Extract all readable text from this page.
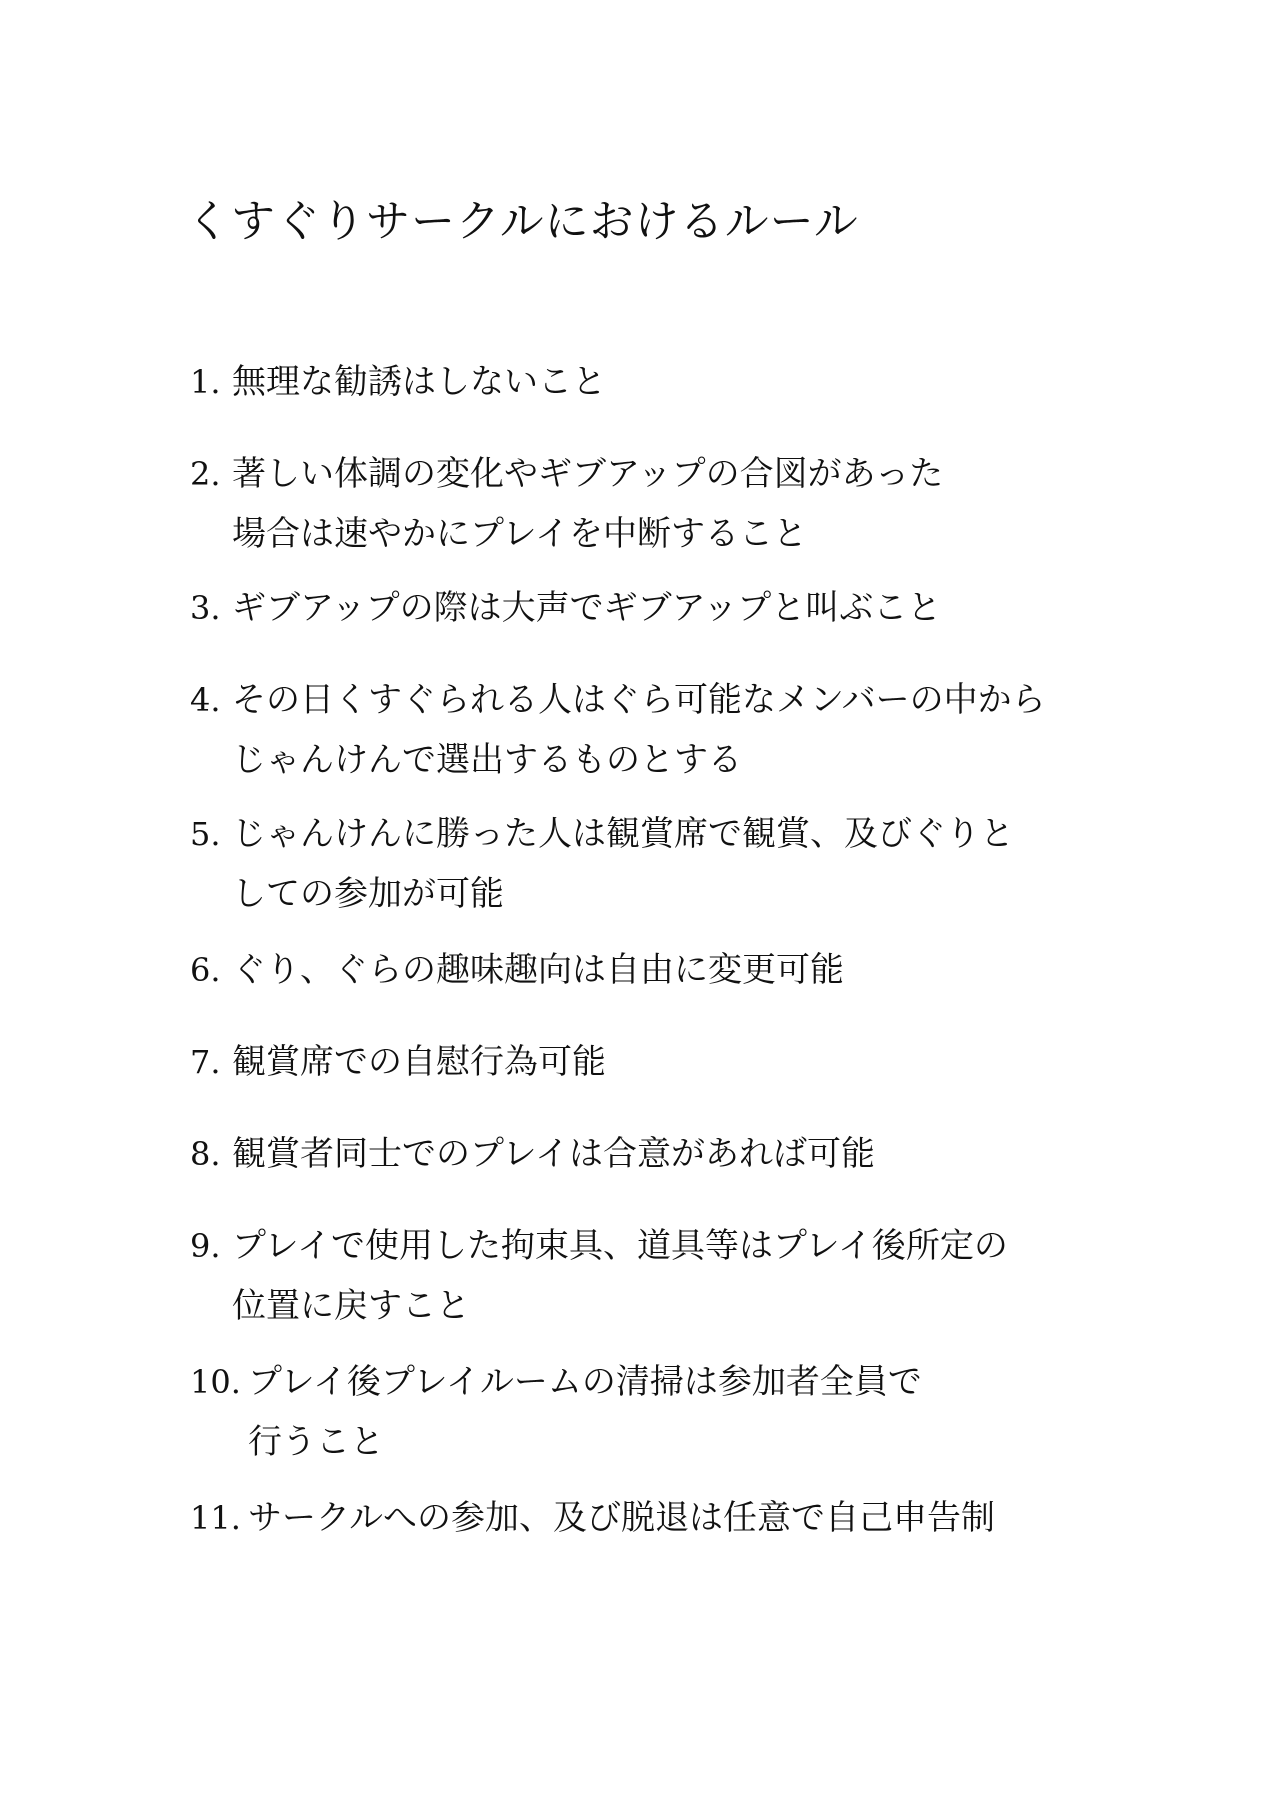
くすぐりサークルにおけるルール
1. 無理な勧誘はしないこと
2. 著しい体調の変化やギブアップの合図があった
場合は速やかにプレイを中断すること
3. ギブアップの際は大声でギブアップと叫ぶこと
4. その日くすぐられる人はぐら可能なメンバーの中から
じゃんけんで選出するものとする
5. じゃんけんに勝った人は観賞席で観賞、及びぐりと
しての参加が可能
6. ぐり、ぐらの趣味趣向は自由に変更可能
7. 観賞席での自慰行為可能
8. 観賞者同士でのプレイは合意があれば可能
9. プレイで使用した拘束具、道具等はプレイ後所定の
位置に戻すこと
10. プレイ後プレイルームの清掃は参加者全員で
行うこと
11. サークルへの参加、及び脱退は任意で自己申告制
